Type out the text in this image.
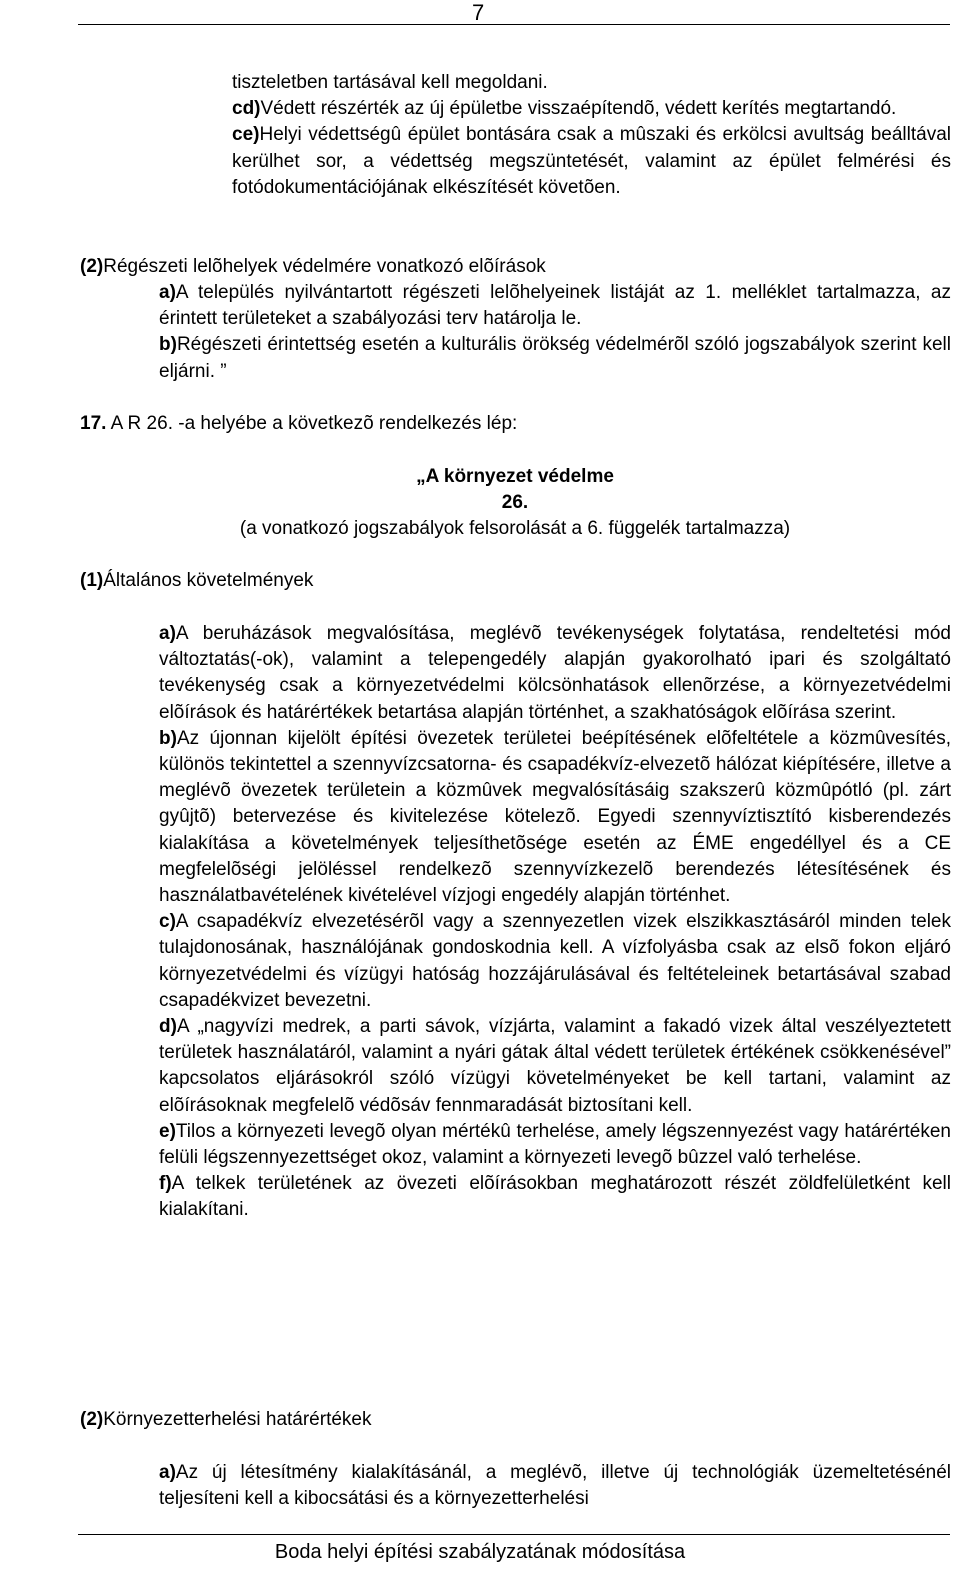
7
tiszteletben tartásával kell megoldani.
cd)Védett részérték az új épületbe visszaépítendõ, védett kerítés megtartandó.
ce)Helyi védettségû épület bontására csak a mûszaki és erkölcsi avultság beálltával kerülhet sor, a védettség megszüntetését, valamint az épület felmérési és fotódokumentációjának elkészítését követõen.
(2)Régészeti lelõhelyek védelmére vonatkozó elõírások
a)A település nyilvántartott régészeti lelõhelyeinek listáját az 1. melléklet tartalmazza, az érintett területeket a szabályozási terv határolja le.
b)Régészeti érintettség esetén a kulturális örökség védelmérõl szóló jogszabályok szerint kell eljárni. ”
17. A R 26. -a helyébe a következõ rendelkezés lép:
„A környezet védelme
26.
(a vonatkozó jogszabályok felsorolását a 6. függelék tartalmazza)
(1)Általános követelmények
a)A beruházások megvalósítása, meglévõ tevékenységek folytatása, rendeltetési mód változtatás(-ok), valamint a telepengedély alapján gyakorolható ipari és szolgáltató tevékenység csak a környezetvédelmi kölcsönhatások ellenõrzése, a környezetvédelmi elõírások és határértékek betartása alapján történhet, a szakhatóságok elõírása szerint.
b)Az újonnan kijelölt építési övezetek területei beépítésének elõfeltétele a közmûvesítés, különös tekintettel a szennyvízcsatorna- és csapadékvíz-elvezetõ hálózat kiépítésére, illetve a meglévõ övezetek területein a közmûvek megvalósításáig szakszerû közmûpótló (pl. zárt gyûjtõ) betervezése és kivitelezése kötelezõ. Egyedi szennyvíztisztító kisberendezés kialakítása a követelmények teljesíthetõsége esetén az ÉME engedéllyel és a CE megfelelõségi jelöléssel rendelkezõ szennyvízkezelõ berendezés létesítésének és használatbavételének kivételével vízjogi engedély alapján történhet.
c)A csapadékvíz elvezetésérõl vagy a szennyezetlen vizek elszikkasztásáról minden telek tulajdonosának, használójának gondoskodnia kell. A vízfolyásba csak az elsõ fokon eljáró környezetvédelmi és vízügyi hatóság hozzájárulásával és feltételeinek betartásával szabad csapadékvizet bevezetni.
d)A „nagyvízi medrek, a parti sávok, vízjárta, valamint a fakadó vizek által veszélyeztetett területek használatáról, valamint a nyári gátak által védett területek értékének csökkenésével” kapcsolatos eljárásokról szóló vízügyi követelményeket be kell tartani, valamint az elõírásoknak megfelelõ védõsáv fennmaradását biztosítani kell.
e)Tilos a környezeti levegõ olyan mértékû terhelése, amely légszennyezést vagy határértéken felüli légszennyezettséget okoz, valamint a környezeti levegõ bûzzel való terhelése.
f)A telkek területének az övezeti elõírásokban meghatározott részét zöldfelületként kell kialakítani.
(2)Környezetterhelési határértékek
a)Az új létesítmény kialakításánál, a meglévõ, illetve új technológiák üzemeltetésénél teljesíteni kell a kibocsátási és a környezetterhelési
Boda helyi építési szabályzatának módosítása
